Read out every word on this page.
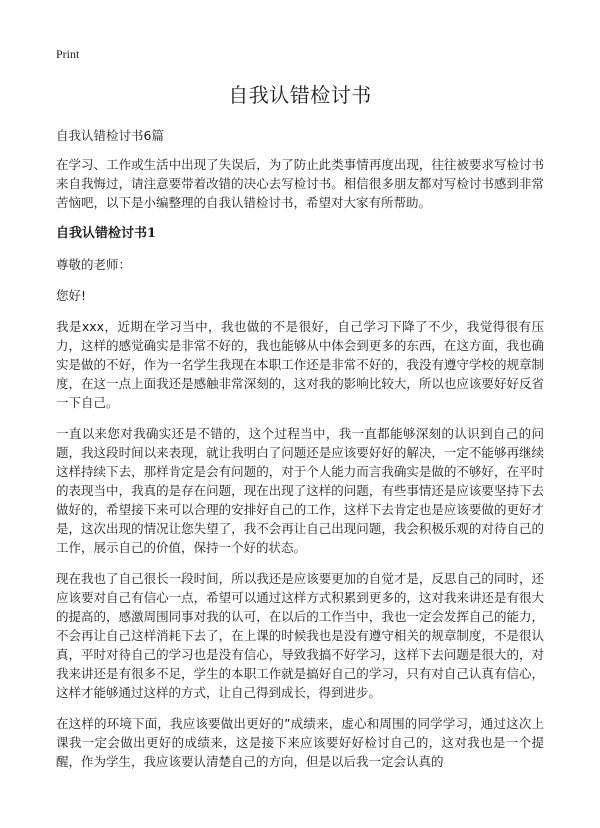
Print
自我认错检讨书
自我认错检讨书6篇

在学习、工作或生活中出现了失误后，为了防止此类事情再度出现，往往被要求写检讨书来自我悔过，请注意要带着改错的决心去写检讨书。相信很多朋友都对写检讨书感到非常苦恼吧，以下是小编整理的自我认错检讨书，希望对大家有所帮助。

自我认错检讨书1

尊敬的老师：

您好!

我是xxx，近期在学习当中，我也做的不是很好，自己学习下降了不少，我觉得很有压力，这样的感觉确实是非常不好的，我也能够从中体会到更多的东西，在这方面，我也确实是做的不好，作为一名学生我现在本职工作还是非常不好的，我没有遵守学校的规章制度，在这一点上面我还是感触非常深刻的，这对我的影响比较大，所以也应该要好好反省一下自己。

一直以来您对我确实还是不错的，这个过程当中，我一直都能够深刻的认识到自己的问题，我这段时间以来表现，就让我明白了问题还是应该要好好的解决，一定不能够再继续这样持续下去，那样肯定是会有问题的，对于个人能力而言我确实是做的不够好，在平时的表现当中，我真的是存在问题，现在出现了这样的问题，有些事情还是应该要坚持下去做好的，希望接下来可以合理的安排好自己的工作，这样下去肯定也是应该要做的更好才是，这次出现的情况让您失望了，我不会再让自己出现问题，我会积极乐观的对待自己的工作，展示自己的价值，保持一个好的状态。

现在我也了自己很长一段时间，所以我还是应该要更加的自觉才是，反思自己的同时，还应该要对自己有信心一点，希望可以通过这样方式积累到更多的，这对我来讲还是有很大的提高的，感激周围同事对我的认可，在以后的工作当中，我也一定会发挥自己的能力，不会再让自己这样消耗下去了，在上课的时候我也是没有遵守相关的规章制度，不是很认真，平时对待自己的学习也是没有信心，导致我搞不好学习，这样下去问题是很大的，对我来讲还是有很多不足，学生的本职工作就是搞好自己的学习，只有对自己认真有信心，这样才能够通过这样的方式，让自己得到成长，得到进步。

在这样的环境下面，我应该要做出更好的”成绩来，虚心和周围的同学学习，通过这次上课我一定会做出更好的成绩来，这是接下来应该要好好检讨自己的，这对我也是一个提醒，作为学生，我应该要认清楚自己的方向，但是以后我一定会认真的
